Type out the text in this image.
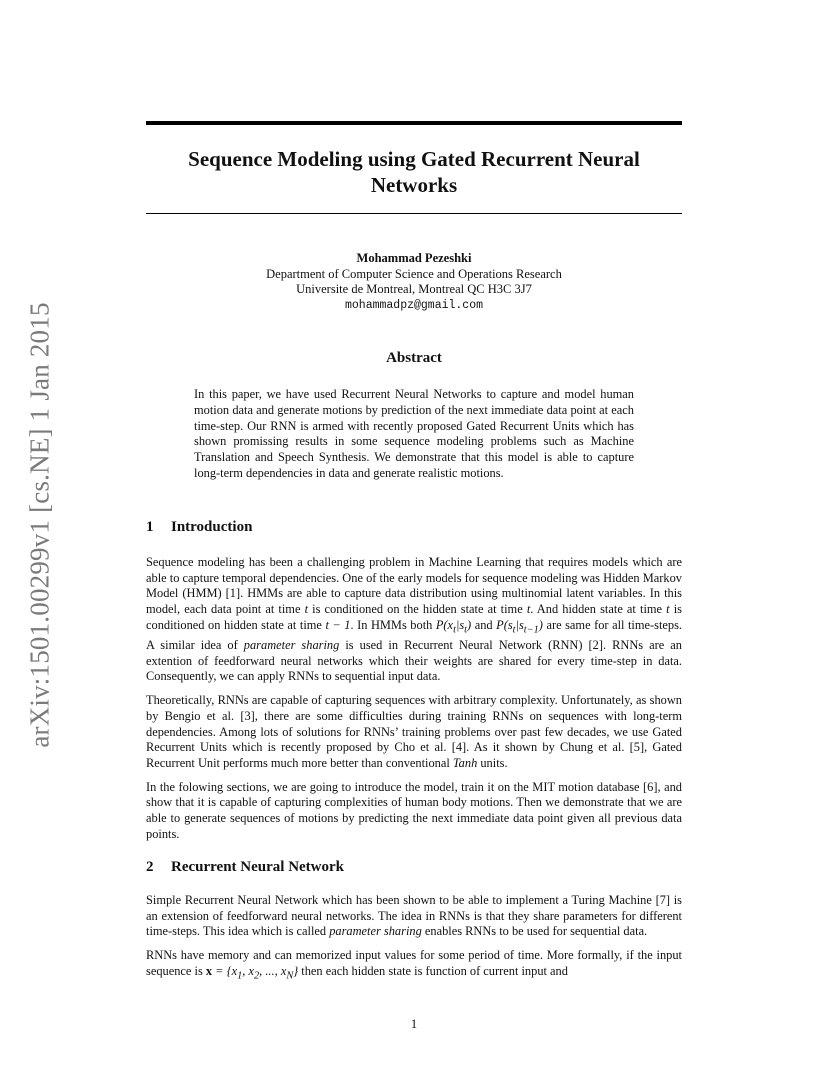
arXiv:1501.00299v1 [cs.NE] 1 Jan 2015
Sequence Modeling using Gated Recurrent Neural Networks
Mohammad Pezeshki
Department of Computer Science and Operations Research
Universite de Montreal, Montreal QC H3C 3J7
mohammadpz@gmail.com
Abstract
In this paper, we have used Recurrent Neural Networks to capture and model human motion data and generate motions by prediction of the next immediate data point at each time-step. Our RNN is armed with recently proposed Gated Recurrent Units which has shown promissing results in some sequence modeling problems such as Machine Translation and Speech Synthesis. We demonstrate that this model is able to capture long-term dependencies in data and generate realistic motions.
1 Introduction

Sequence modeling has been a challenging problem in Machine Learning that requires models which are able to capture temporal dependencies. One of the early models for sequence modeling was Hidden Markov Model (HMM) [1]. HMMs are able to capture data distribution using multinomial latent variables. In this model, each data point at time t is conditioned on the hidden state at time t. And hidden state at time t is conditioned on hidden state at time t − 1. In HMMs both $P(x_t|s_t)$ and $P(s_t|s_{t-1})$ are same for all time-steps. A similar idea of parameter sharing is used in Recurrent Neural Network (RNN) [2]. RNNs are an extention of feedforward neural networks which their weights are shared for every time-step in data. Consequently, we can apply RNNs to sequential input data.

Theoretically, RNNs are capable of capturing sequences with arbitrary complexity. Unfortunately, as shown by Bengio et al. [3], there are some difficulties during training RNNs on sequences with long-term dependencies. Among lots of solutions for RNNs’ training problems over past few decades, we use Gated Recurrent Units which is recently proposed by Cho et al. [4]. As it shown by Chung et al. [5], Gated Recurrent Unit performs much more better than conventional Tanh units.

In the folowing sections, we are going to introduce the model, train it on the MIT motion database [6], and show that it is capable of capturing complexities of human body motions. Then we demonstrate that we are able to generate sequences of motions by predicting the next immediate data point given all previous data points.

2 Recurrent Neural Network

Simple Recurrent Neural Network which has been shown to be able to implement a Turing Machine [7] is an extension of feedforward neural networks. The idea in RNNs is that they share parameters for different time-steps. This idea which is called parameter sharing enables RNNs to be used for sequential data.

RNNs have memory and can memorized input values for some period of time. More formally, if the input sequence is $x = \{x_1$, $x_2$, ..., $x_N$} then each hidden state is function of current input and

1
